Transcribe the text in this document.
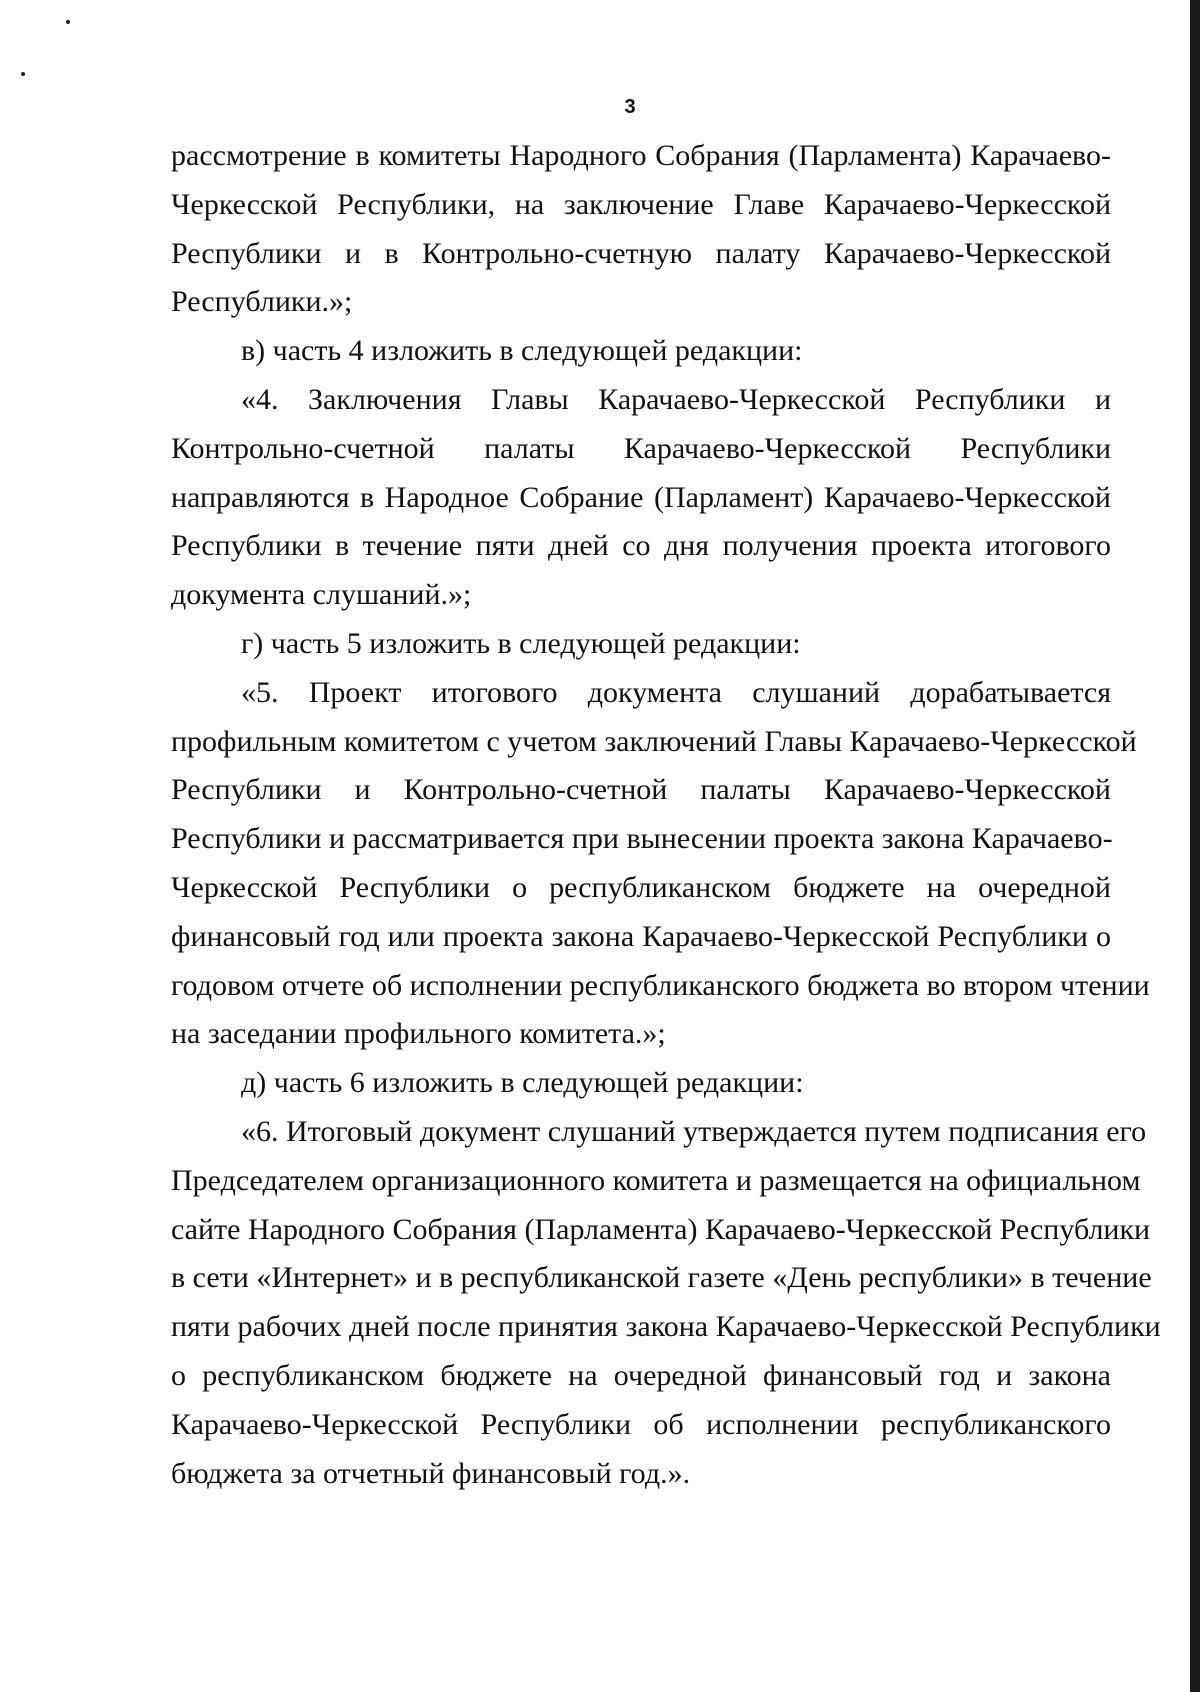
3
рассмотрение в комитеты Народного Собрания (Парламента) Карачаево-
Черкесской Республики, на заключение Главе Карачаево-Черкесской
Республики и в Контрольно-счетную палату Карачаево-Черкесской
Республики.»;
в) часть 4 изложить в следующей редакции:
«4. Заключения Главы Карачаево-Черкесской Республики и
Контрольно-счетной палаты Карачаево-Черкесской Республики
направляются в Народное Собрание (Парламент) Карачаево-Черкесской
Республики в течение пяти дней со дня получения проекта итогового
документа слушаний.»;
г) часть 5 изложить в следующей редакции:
«5. Проект итогового документа слушаний дорабатывается
профильным комитетом с учетом заключений Главы Карачаево-Черкесской
Республики и Контрольно-счетной палаты Карачаево-Черкесской
Республики и рассматривается при вынесении проекта закона Карачаево-
Черкесской Республики о республиканском бюджете на очередной
финансовый год или проекта закона Карачаево-Черкесской Республики о
годовом отчете об исполнении республиканского бюджета во втором чтении
на заседании профильного комитета.»;
д) часть 6 изложить в следующей редакции:
«6. Итоговый документ слушаний утверждается путем подписания его
Председателем организационного комитета и размещается на официальном
сайте Народного Собрания (Парламента) Карачаево-Черкесской Республики
в сети «Интернет» и в республиканской газете «День республики» в течение
пяти рабочих дней после принятия закона Карачаево-Черкесской Республики
о республиканском бюджете на очередной финансовый год и закона
Карачаево-Черкесской Республики об исполнении республиканского
бюджета за отчетный финансовый год.».
